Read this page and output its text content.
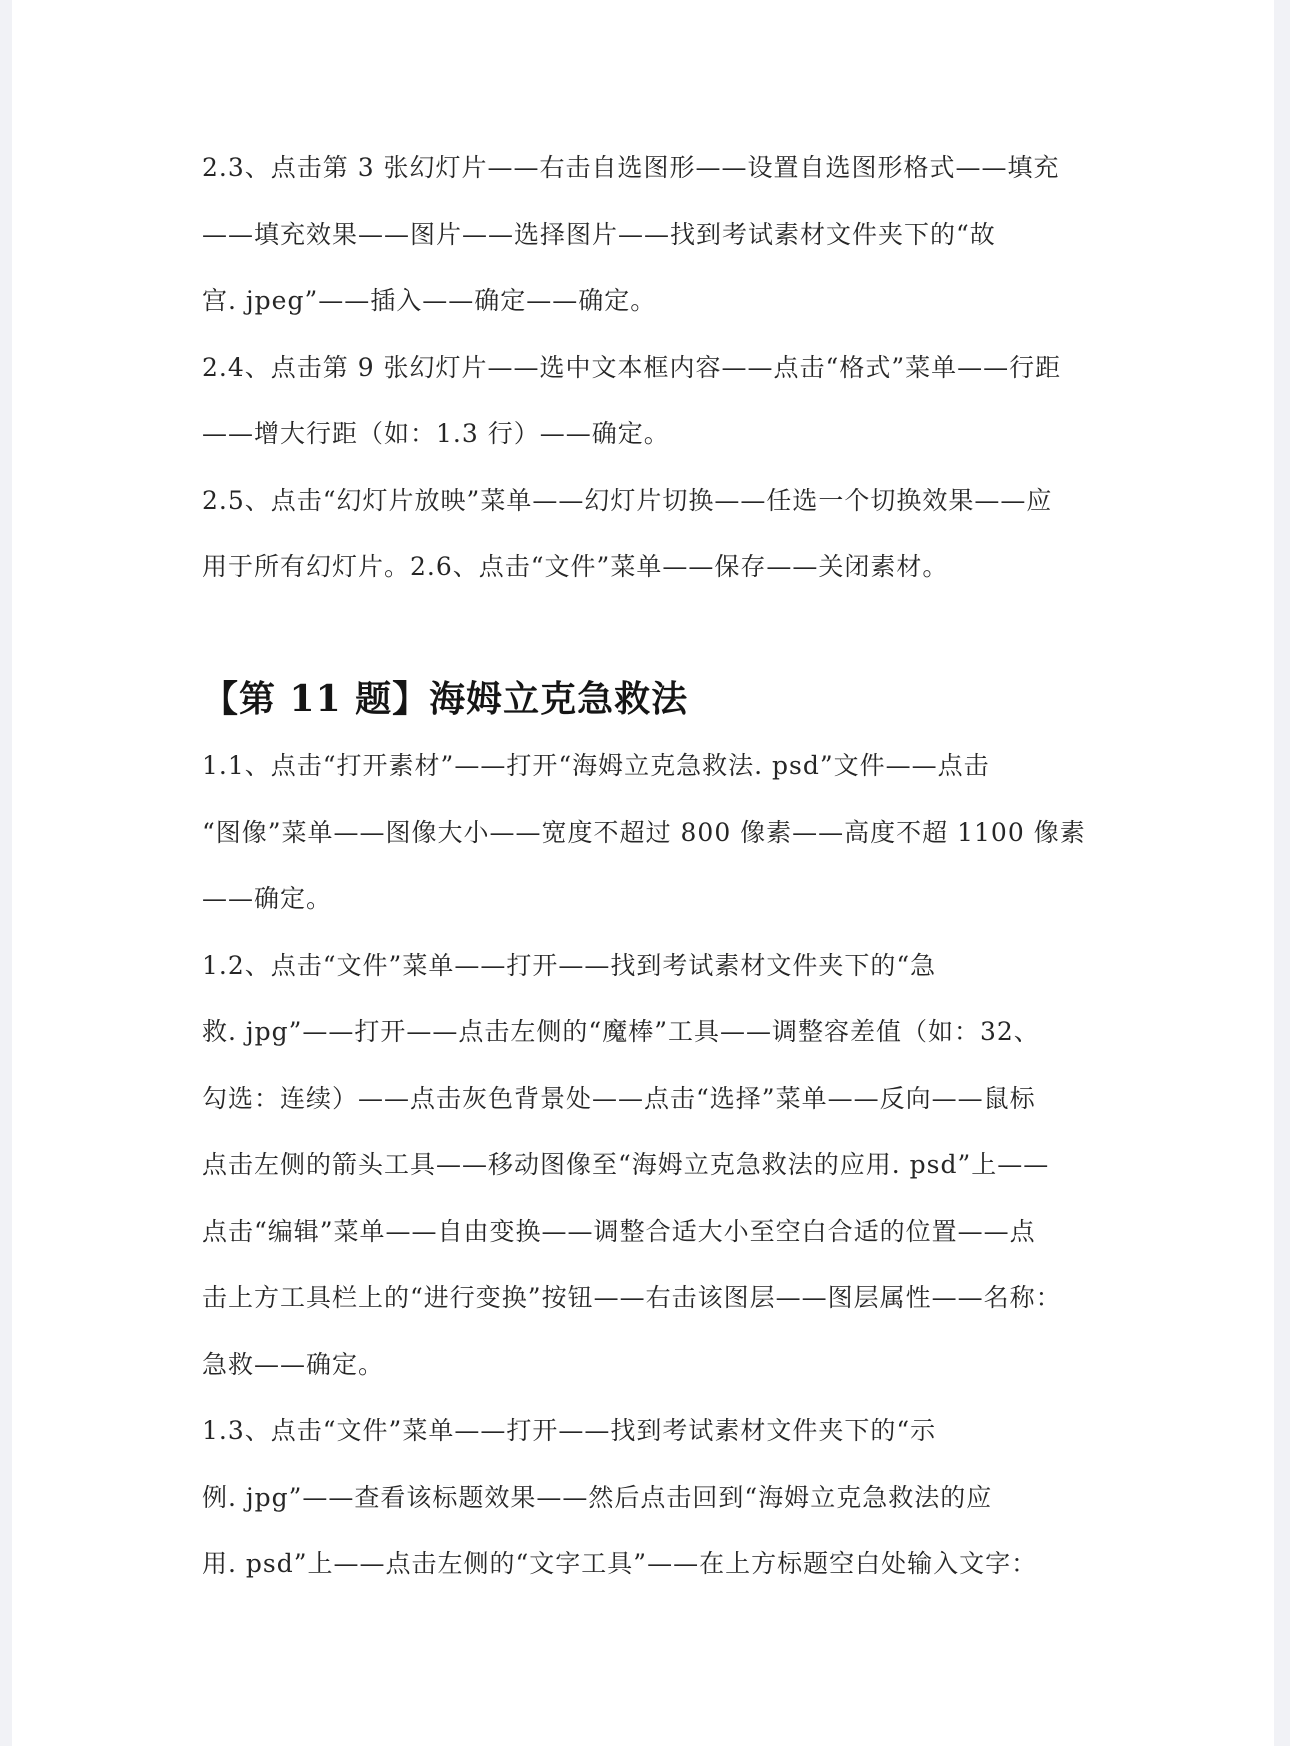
2.3、点击第 3 张幻灯片——右击自选图形——设置自选图形格式——填充
——填充效果——图片——选择图片——找到考试素材文件夹下的“故
宫. jpeg”——插入——确定——确定。
2.4、点击第 9 张幻灯片——选中文本框内容——点击“格式”菜单——行距
——增大行距（如：1.3 行）——确定。
2.5、点击“幻灯片放映”菜单——幻灯片切换——任选一个切换效果——应
用于所有幻灯片。2.6、点击“文件”菜单——保存——关闭素材。
【第 11 题】海姆立克急救法
1.1、点击“打开素材”——打开“海姆立克急救法. psd”文件——点击
“图像”菜单——图像大小——宽度不超过 800 像素——高度不超 1100 像素
——确定。
1.2、点击“文件”菜单——打开——找到考试素材文件夹下的“急
救. jpg”——打开——点击左侧的“魔棒”工具——调整容差值（如：32、
勾选：连续）——点击灰色背景处——点击“选择”菜单——反向——鼠标
点击左侧的箭头工具——移动图像至“海姆立克急救法的应用. psd”上——
点击“编辑”菜单——自由变换——调整合适大小至空白合适的位置——点
击上方工具栏上的“进行变换”按钮——右击该图层——图层属性——名称：
急救——确定。
1.3、点击“文件”菜单——打开——找到考试素材文件夹下的“示
例. jpg”——查看该标题效果——然后点击回到“海姆立克急救法的应
用. psd”上——点击左侧的“文字工具”——在上方标题空白处输入文字：
